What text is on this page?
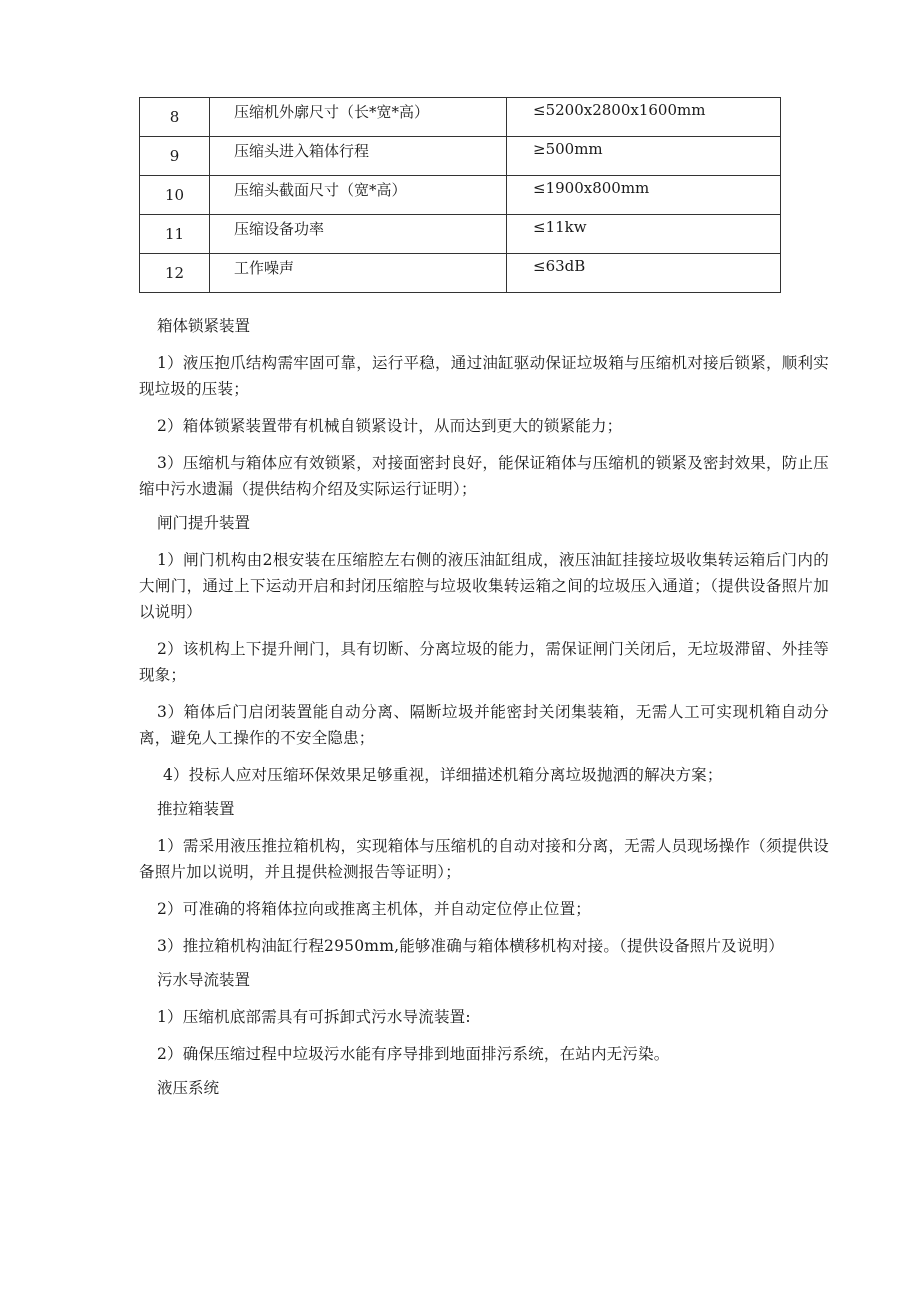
8	压缩机外廓尺寸（长*宽*高）	≤5200x2800x1600mm
9	压缩头进入箱体行程	≥500mm
10	压缩头截面尺寸（宽*高）	≤1900x800mm
11	压缩设备功率	≤11kw
12	工作噪声	≤63dB
箱体锁紧装置

1）液压抱爪结构需牢固可靠，运行平稳，通过油缸驱动保证垃圾箱与压缩机对接后锁紧，顺利实现垃圾的压装；

2）箱体锁紧装置带有机械自锁紧设计，从而达到更大的锁紧能力；

3）压缩机与箱体应有效锁紧，对接面密封良好，能保证箱体与压缩机的锁紧及密封效果，防止压缩中污水遗漏（提供结构介绍及实际运行证明）；

闸门提升装置

1）闸门机构由2根安装在压缩腔左右侧的液压油缸组成，液压油缸挂接垃圾收集转运箱后门内的大闸门，通过上下运动开启和封闭压缩腔与垃圾收集转运箱之间的垃圾压入通道；（提供设备照片加以说明）

2）该机构上下提升闸门，具有切断、分离垃圾的能力，需保证闸门关闭后，无垃圾滞留、外挂等现象；

3）箱体后门启闭装置能自动分离、隔断垃圾并能密封关闭集装箱，无需人工可实现机箱自动分离，避免人工操作的不安全隐患；

4）投标人应对压缩环保效果足够重视，详细描述机箱分离垃圾抛洒的解决方案；

推拉箱装置

1）需采用液压推拉箱机构，实现箱体与压缩机的自动对接和分离，无需人员现场操作（须提供设备照片加以说明，并且提供检测报告等证明）；

2）可准确的将箱体拉向或推离主机体，并自动定位停止位置；

3）推拉箱机构油缸行程2950mm,能够准确与箱体横移机构对接。（提供设备照片及说明）

污水导流装置

1）压缩机底部需具有可拆卸式污水导流装置:

2）确保压缩过程中垃圾污水能有序导排到地面排污系统，在站内无污染。

液压系统
